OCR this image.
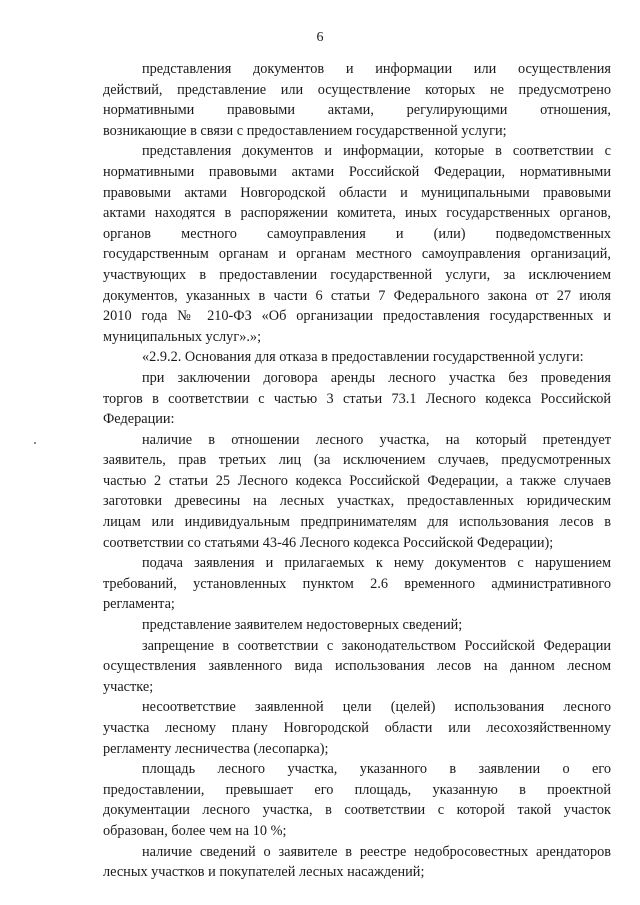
6
представления документов и информации или осуществления
действий, представление или осуществление которых не предусмотрено
нормативными правовыми актами, регулирующими отношения,
возникающие в связи с предоставлением государственной услуги;
представления документов и информации, которые в соответствии с
нормативными правовыми актами Российской Федерации, нормативными
правовыми актами Новгородской области и муниципальными правовыми
актами находятся в распоряжении комитета, иных государственных органов,
органов местного самоуправления и (или) подведомственных
государственным органам и органам местного самоуправления организаций,
участвующих в предоставлении государственной услуги, за исключением
документов, указанных в части 6 статьи 7 Федерального закона от 27 июля
2010 года № 210-ФЗ «Об организации предоставления государственных и
муниципальных услуг».»;
«2.9.2. Основания для отказа в предоставлении государственной услуги:
при заключении договора аренды лесного участка без проведения
торгов в соответствии с частью 3 статьи 73.1 Лесного кодекса Российской
Федерации:
наличие в отношении лесного участка, на который претендует
заявитель, прав третьих лиц (за исключением случаев, предусмотренных
частью 2 статьи 25 Лесного кодекса Российской Федерации, а также случаев
заготовки древесины на лесных участках, предоставленных юридическим
лицам или индивидуальным предпринимателям для использования лесов в
соответствии со статьями 43-46 Лесного кодекса Российской Федерации);
подача заявления и прилагаемых к нему документов с нарушением
требований, установленных пунктом 2.6 временного административного
регламента;
представление заявителем недостоверных сведений;
запрещение в соответствии с законодательством Российской Федерации
осуществления заявленного вида использования лесов на данном лесном
участке;
несоответствие заявленной цели (целей) использования лесного
участка лесному плану Новгородской области или лесохозяйственному
регламенту лесничества (лесопарка);
площадь лесного участка, указанного в заявлении о его
предоставлении, превышает его площадь, указанную в проектной
документации лесного участка, в соответствии с которой такой участок
образован, более чем на 10 %;
наличие сведений о заявителе в реестре недобросовестных арендаторов
лесных участков и покупателей лесных насаждений;
